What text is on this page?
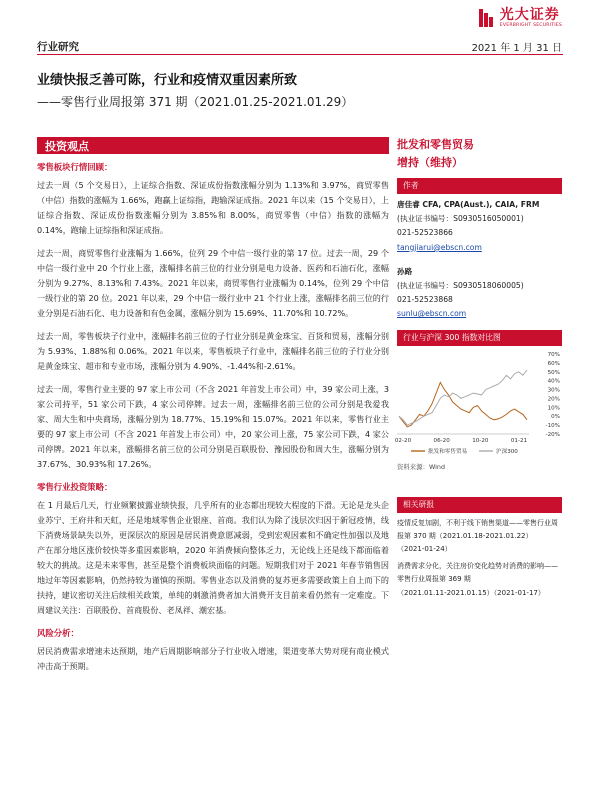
光大证券
EVERBRIGHT SECURITIES
行业研究	2021 年 1 月 31 日
业绩快报乏善可陈，行业和疫情双重因素所致
——零售行业周报第 371 期（2021.01.25-2021.01.29）
投资观点
零售板块行情回顾：

过去一周（5 个交易日），上证综合指数、深证成份指数涨幅分别为 1.13%和 3.97%，商贸零售（中信）指数的涨幅为 1.66%，跑赢上证综指，跑输深证成指。2021 年以来（15 个交易日），上证综合指数、深证成份指数涨幅分别为 3.85%和 8.00%，商贸零售（中信）指数的涨幅为 0.14%，跑输上证综指和深证成指。

过去一周，商贸零售行业涨幅为 1.66%，位列 29 个中信一级行业的第 17 位。过去一周，29 个中信一级行业中 20 个行业上涨，涨幅排名前三位的行业分别是电力设备、医药和石油石化，涨幅分别为 9.27%、8.13%和 7.43%。2021 年以来，商贸零售行业涨幅为 0.14%，位列 29 个中信一级行业的第 20 位。2021 年以来，29 个中信一级行业中 21 个行业上涨，涨幅排名前三位的行业分别是石油石化、电力设备和有色金属，涨幅分别为 15.69%、11.70%和 10.72%。

过去一周，零售板块子行业中，涨幅排名前三位的子行业分别是黄金珠宝、百货和贸易，涨幅分别为 5.93%、1.88%和 0.06%。2021 年以来，零售板块子行业中，涨幅排名前三位的子行业分别是黄金珠宝、超市和专业市场，涨幅分别为 4.90%、-1.44%和-2.61%。

过去一周，零售行业主要的 97 家上市公司（不含 2021 年首发上市公司）中，39 家公司上涨，3 家公司持平，51 家公司下跌，4 家公司停牌。过去一周，涨幅排名前三位的公司分别是我爱我家、周大生和中央商场，涨幅分别为 18.77%、15.19%和 15.07%。2021 年以来，零售行业主要的 97 家上市公司（不含 2021 年首发上市公司）中，20 家公司上涨，75 家公司下跌，4 家公司停牌。2021 年以来，涨幅排名前三位的公司分别是百联股份、豫园股份和周大生，涨幅分别为 37.67%、30.93%和 17.26%。

零售行业投资策略：

在 1 月最后几天，行业频繁披露业绩快报，几乎所有的业态都出现较大程度的下滑。无论是龙头企业苏宁、王府井和天虹，还是地域零售企业银座、首商。我们认为除了浅层次归因于新冠疫情，线下消费场景缺失以外，更深层次的原因是居民消费意愿减弱，受到宏观因素和不确定性加强以及地产在部分地区涨价较快等多重因素影响，2020 年消费倾向整体乏力，无论线上还是线下都面临着较大的挑战。这是未来零售，甚至是整个消费板块面临的问题。短期我们对于 2021 年春节销售因地过年等因素影响，仍然持较为谨慎的预期。零售业态以及消费的复苏更多需要政策上自上而下的扶持，建议密切关注后续相关政策，单纯的刺激消费者加大消费开支目前来看仍然有一定难度。下周建议关注：百联股份、首商股份、老凤祥、潮宏基。

风险分析：

居民消费需求增速未达预期，地产后周期影响部分子行业收入增速，渠道变革大势对现有商业模式冲击高于预期。

批发和零售贸易
增持（维持）
作者
唐佳睿 CFA, CPA(Aust.), CAIA, FRM
(执业证书编号：S0930516050001)
021-52523866
tangjiarui@ebscn.com
孙路
(执业证书编号：S0930518060005)
021-52523868
sunlu@ebscn.com
行业与沪深 300 指数对比图
70%
60%
50%
40%
30%
20%
10%
0%
-10%
-20%
02-20	06-20	10-20	01-21
批发和零售贸易	沪深300
资料来源：Wind
相关研报
疫情反复加剧，不利于线下销售渠道——零售行业周报第 370 期（2021.01.18-2021.01.22）
（2021-01-24）
消费需求分化，关注房价变化趋势对消费的影响——零售行业周报第 369 期
（2021.01.11-2021.01.15）（2021-01-17）
